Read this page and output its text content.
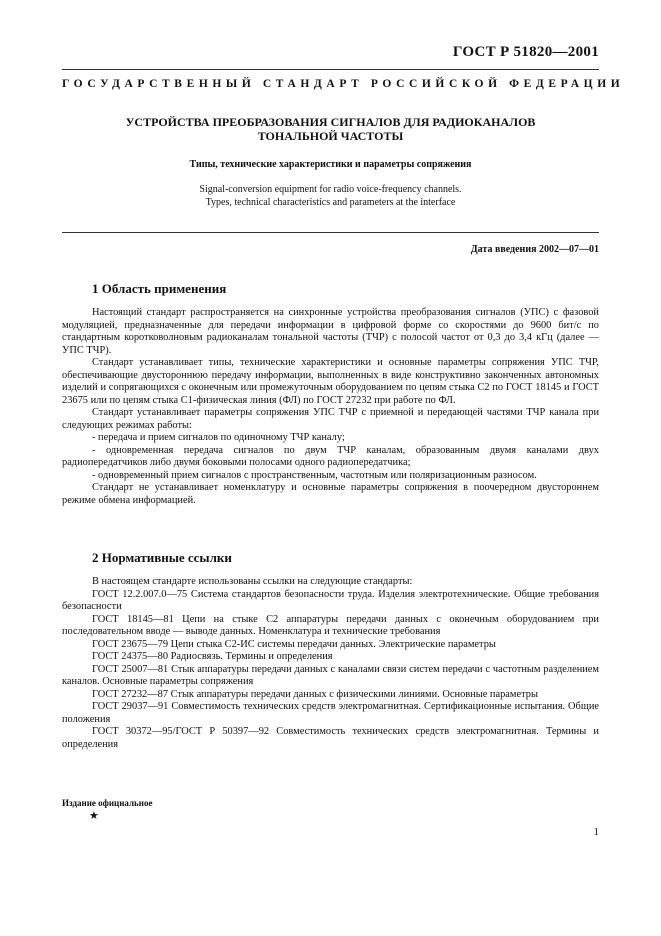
ГОСТ Р 51820—2001
ГОСУДАРСТВЕННЫЙ СТАНДАРТ РОССИЙСКОЙ ФЕДЕРАЦИИ
УСТРОЙСТВА ПРЕОБРАЗОВАНИЯ СИГНАЛОВ ДЛЯ РАДИОКАНАЛОВ
ТОНАЛЬНОЙ ЧАСТОТЫ
Типы, технические характеристики и параметры сопряжения
Signal-conversion equipment for radio voice-frequency channels.
Types, technical characteristics and parameters at the interface
Дата введения 2002—07—01
1 Область применения

Настоящий стандарт распространяется на синхронные устройства преобразования сигналов (УПС) с фазовой модуляцией, предназначенные для передачи информации в цифровой форме со скоростями до 9600 бит/с по стандартным коротковолновым радиоканалам тональной частоты (ТЧР) с полосой частот от 0,3 до 3,4 кГц (далее — УПС ТЧР).

Стандарт устанавливает типы, технические характеристики и основные параметры сопряжения УПС ТЧР, обеспечивающие двустороннюю передачу информации, выполненных в виде конструктивно законченных автономных изделий и сопрягающихся с оконечным или промежуточным оборудованием по цепям стыка С2 по ГОСТ 18145 и ГОСТ 23675 или по цепям стыка С1-физическая линия (ФЛ) по ГОСТ 27232 при работе по ФЛ.

Стандарт устанавливает параметры сопряжения УПС ТЧР с приемной и передающей частями ТЧР канала при следующих режимах работы:

- передача и прием сигналов по одиночному ТЧР каналу;

- одновременная передача сигналов по двум ТЧР каналам, образованным двумя каналами двух радиопередатчиков либо двумя боковыми полосами одного радиопередатчика;

- одновременный прием сигналов с пространственным, частотным или поляризационным разносом.

Стандарт не устанавливает номенклатуру и основные параметры сопряжения в поочередном двустороннем режиме обмена информацией.

2 Нормативные ссылки

В настоящем стандарте использованы ссылки на следующие стандарты:

ГОСТ 12.2.007.0—75 Система стандартов безопасности труда. Изделия электротехнические. Общие требования безопасности

ГОСТ 18145—81 Цепи на стыке С2 аппаратуры передачи данных с оконечным оборудованием при последовательном вводе — выводе данных. Номенклатура и технические требования

ГОСТ 23675—79 Цепи стыка С2-ИС системы передачи данных. Электрические параметры

ГОСТ 24375—80 Радиосвязь. Термины и определения

ГОСТ 25007—81 Стык аппаратуры передачи данных с каналами связи систем передачи с частотным разделением каналов. Основные параметры сопряжения

ГОСТ 27232—87 Стык аппаратуры передачи данных с физическими линиями. Основные параметры

ГОСТ 29037—91 Совместимость технических средств электромагнитная. Сертификационные испытания. Общие положения

ГОСТ 30372—95/ГОСТ Р 50397—92 Совместимость технических средств электромагнитная. Термины и определения

Издание официальное
★
1
